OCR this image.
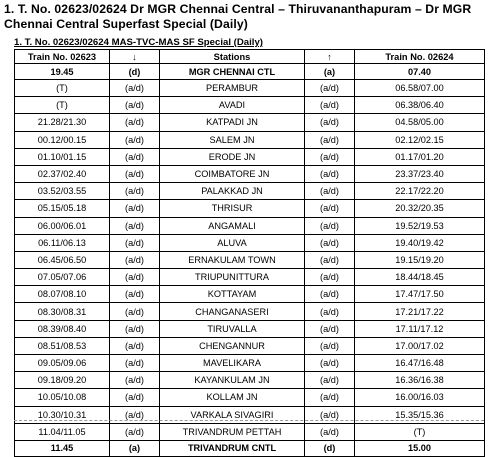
1. T. No. 02623/02624 Dr MGR Chennai Central – Thiruvananthapuram – Dr MGR Chennai Central Superfast Special (Daily)
1. T. No. 02623/02624 MAS-TVC-MAS SF Special (Daily)
Train No. 02623	↓	Stations	↑	Train No. 02624
19.45	(d)	MGR CHENNAI CTL	(a)	07.40
(T)	(a/d)	PERAMBUR	(a/d)	06.58/07.00
(T)	(a/d)	AVADI	(a/d)	06.38/06.40
21.28/21.30	(a/d)	KATPADI JN	(a/d)	04.58/05.00
00.12/00.15	(a/d)	SALEM JN	(a/d)	02.12/02.15
01.10/01.15	(a/d)	ERODE JN	(a/d)	01.17/01.20
02.37/02.40	(a/d)	COIMBATORE JN	(a/d)	23.37/23.40
03.52/03.55	(a/d)	PALAKKAD JN	(a/d)	22.17/22.20
05.15/05.18	(a/d)	THRISUR	(a/d)	20.32/20.35
06.00/06.01	(a/d)	ANGAMALI	(a/d)	19.52/19.53
06.11/06.13	(a/d)	ALUVA	(a/d)	19.40/19.42
06.45/06.50	(a/d)	ERNAKULAM TOWN	(a/d)	19.15/19.20
07.05/07.06	(a/d)	TRIUPUNITTURA	(a/d)	18.44/18.45
08.07/08.10	(a/d)	KOTTAYAM	(a/d)	17.47/17.50
08.30/08.31	(a/d)	CHANGANASERI	(a/d)	17.21/17.22
08.39/08.40	(a/d)	TIRUVALLA	(a/d)	17.11/17.12
08.51/08.53	(a/d)	CHENGANNUR	(a/d)	17.00/17.02
09.05/09.06	(a/d)	MAVELIKARA	(a/d)	16.47/16.48
09.18/09.20	(a/d)	KAYANKULAM JN	(a/d)	16.36/16.38
10.05/10.08	(a/d)	KOLLAM JN	(a/d)	16.00/16.03
10.30/10.31	(a/d)	VARKALA SIVAGIRI	(a/d)	15.35/15.36
11.04/11.05	(a/d)	TRIVANDRUM PETTAH	(a/d)	(T)
11.45	(a)	TRIVANDRUM CNTL	(d)	15.00
